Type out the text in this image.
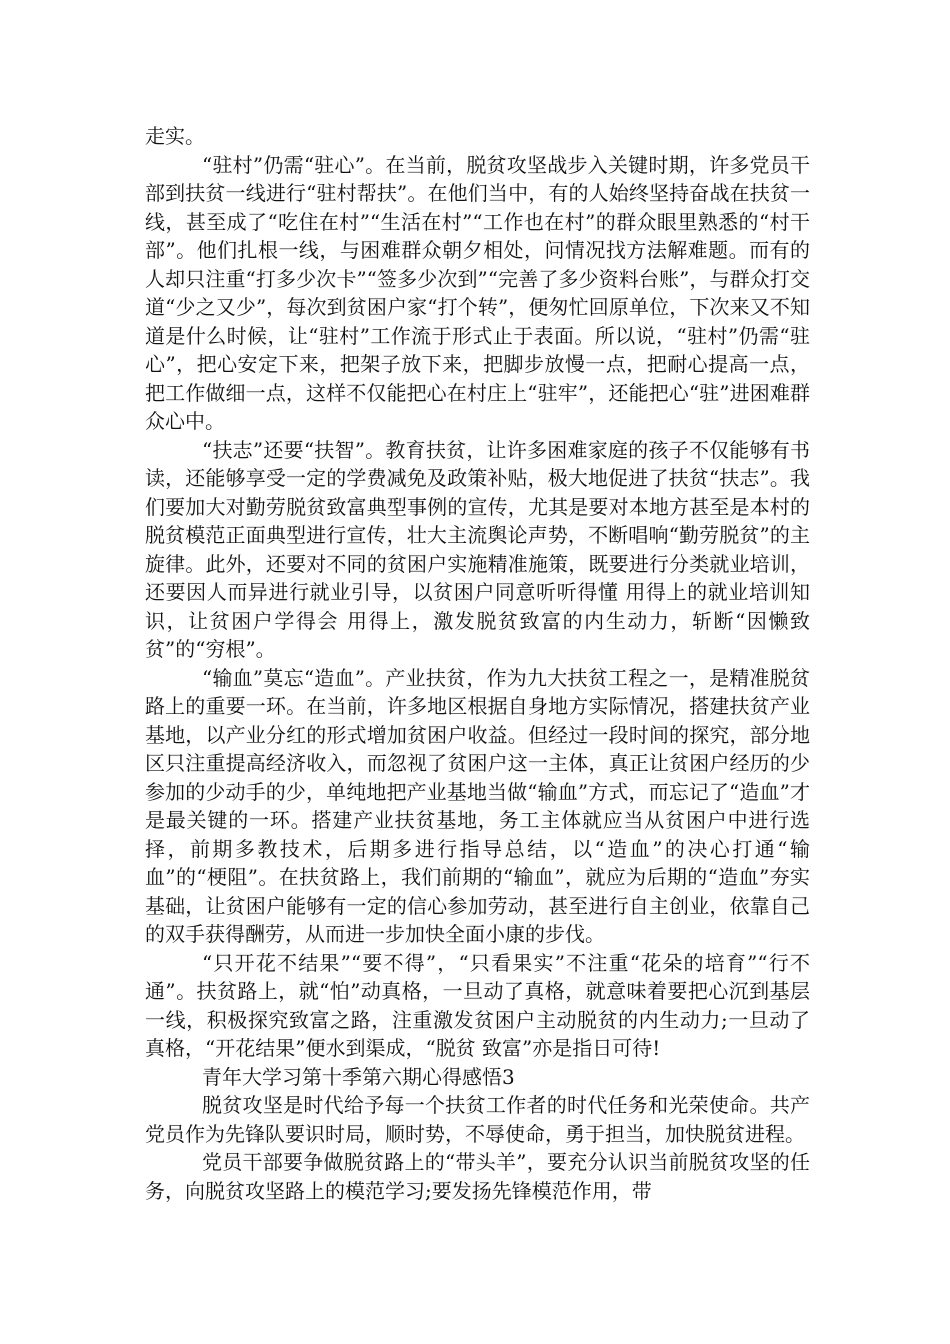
走实。

“驻村”仍需“驻心”。在当前，脱贫攻坚战步入关键时期，许多党员干部到扶贫一线进行“驻村帮扶”。在他们当中，有的人始终坚持奋战在扶贫一线，甚至成了“吃住在村”“生活在村”“工作也在村”的群众眼里熟悉的“村干部”。他们扎根一线，与困难群众朝夕相处，问情况找方法解难题。而有的人却只注重“打多少次卡”“签多少次到”“完善了多少资料台账”，与群众打交道“少之又少”，每次到贫困户家“打个转”，便匆忙回原单位，下次来又不知道是什么时候，让“驻村”工作流于形式止于表面。所以说，“驻村”仍需“驻心”，把心安定下来，把架子放下来，把脚步放慢一点，把耐心提高一点，把工作做细一点，这样不仅能把心在村庄上“驻牢”，还能把心“驻”进困难群众心中。

“扶志”还要“扶智”。教育扶贫，让许多困难家庭的孩子不仅能够有书读，还能够享受一定的学费减免及政策补贴，极大地促进了扶贫“扶志”。我们要加大对勤劳脱贫致富典型事例的宣传，尤其是要对本地方甚至是本村的脱贫模范正面典型进行宣传，壮大主流舆论声势，不断唱响“勤劳脱贫”的主旋律。此外，还要对不同的贫困户实施精准施策，既要进行分类就业培训，还要因人而异进行就业引导，以贫困户同意听听得懂 用得上的就业培训知识，让贫困户学得会 用得上，激发脱贫致富的内生动力，斩断“因懒致贫”的“穷根”。

“输血”莫忘“造血”。产业扶贫，作为九大扶贫工程之一，是精准脱贫路上的重要一环。在当前，许多地区根据自身地方实际情况，搭建扶贫产业基地，以产业分红的形式增加贫困户收益。但经过一段时间的探究，部分地区只注重提高经济收入，而忽视了贫困户这一主体，真正让贫困户经历的少参加的少动手的少，单纯地把产业基地当做“输血”方式，而忘记了“造血”才是最关键的一环。搭建产业扶贫基地，务工主体就应当从贫困户中进行选择，前期多教技术，后期多进行指导总结，以“造血”的决心打通“输血”的“梗阻”。在扶贫路上，我们前期的“输血”，就应为后期的“造血”夯实基础，让贫困户能够有一定的信心参加劳动，甚至进行自主创业，依靠自己的双手获得酬劳，从而进一步加快全面小康的步伐。

“只开花不结果”“要不得”，“只看果实”不注重“花朵的培育”“行不通”。扶贫路上，就“怕”动真格，一旦动了真格，就意味着要把心沉到基层一线，积极探究致富之路，注重激发贫困户主动脱贫的内生动力;一旦动了真格，“开花结果”便水到渠成，“脱贫 致富”亦是指日可待!

青年大学习第十季第六期心得感悟3

脱贫攻坚是时代给予每一个扶贫工作者的时代任务和光荣使命。共产党员作为先锋队要识时局，顺时势，不辱使命，勇于担当，加快脱贫进程。

党员干部要争做脱贫路上的“带头羊”，要充分认识当前脱贫攻坚的任务，向脱贫攻坚路上的模范学习;要发扬先锋模范作用，带
